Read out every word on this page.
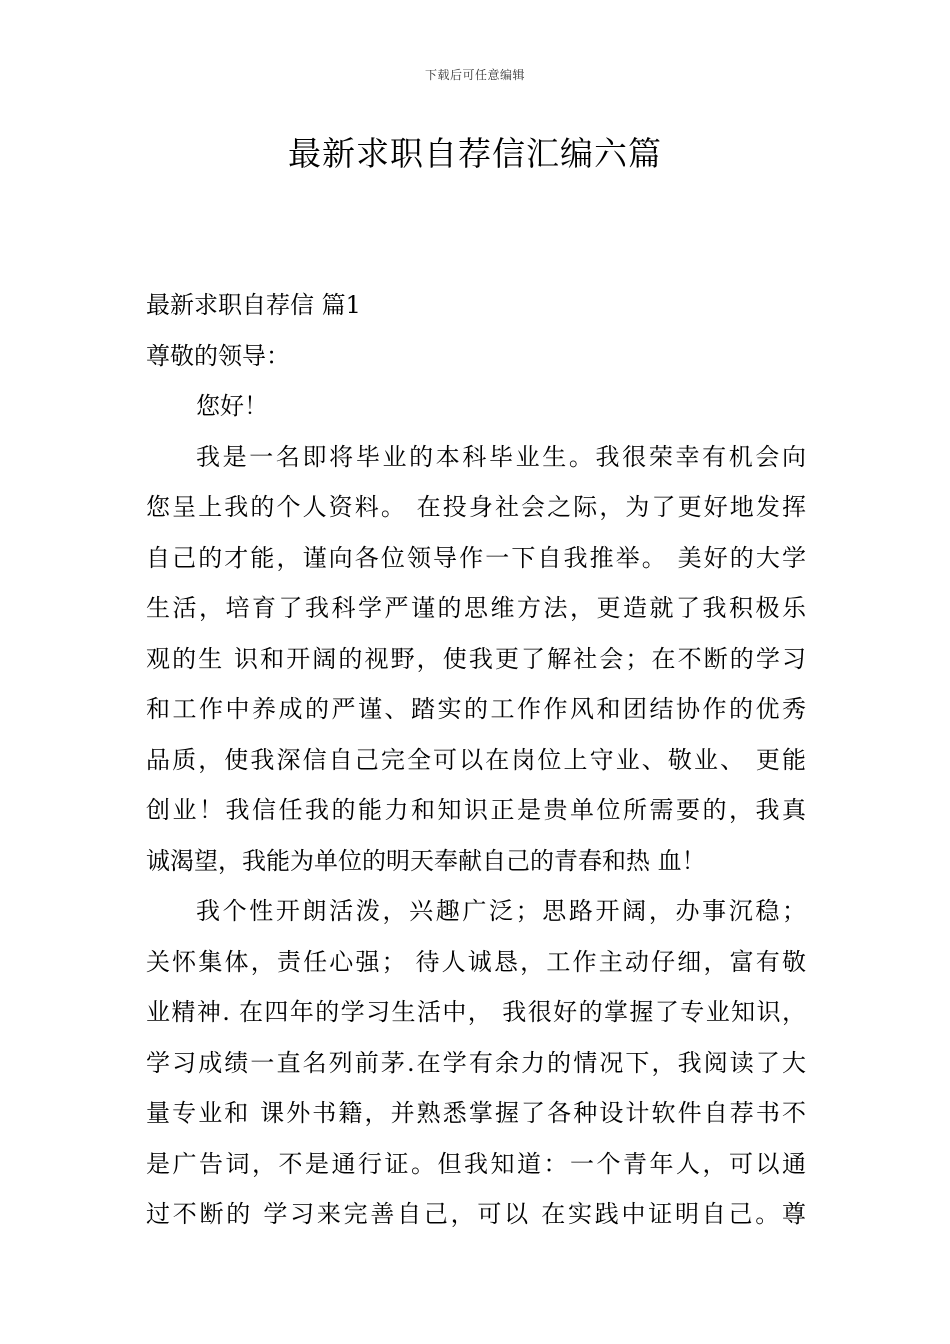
下载后可任意编辑
最新求职自荐信汇编六篇
最新求职自荐信 篇1
尊敬的领导：
您好！
我是一名即将毕业的本科毕业生。我很荣幸有机会向
您呈上我的个人资料。 在投身社会之际，为了更好地发挥
自己的才能，谨向各位领导作一下自我推举。 美好的大学
生活，培育了我科学严谨的思维方法，更造就了我积极乐
观的生 识和开阔的视野，使我更了解社会；在不断的学习
和工作中养成的严谨、踏实的工作作风和团结协作的优秀
品质，使我深信自己完全可以在岗位上守业、敬业、 更能
创业！我信任我的能力和知识正是贵单位所需要的，我真
诚渴望，我能为单位的明天奉献自己的青春和热 血！
我个性开朗活泼，兴趣广泛；思路开阔，办事沉稳；
关怀集体，责任心强； 待人诚恳，工作主动仔细，富有敬
业精神. 在四年的学习生活中， 我很好的掌握了专业知识，
学习成绩一直名列前茅.在学有余力的情况下，我阅读了大
量专业和 课外书籍，并熟悉掌握了各种设计软件自荐书不
是广告词，不是通行证。但我知道：一个青年人，可以通
过不断的 学习来完善自己，可以 在实践中证明自己。尊
